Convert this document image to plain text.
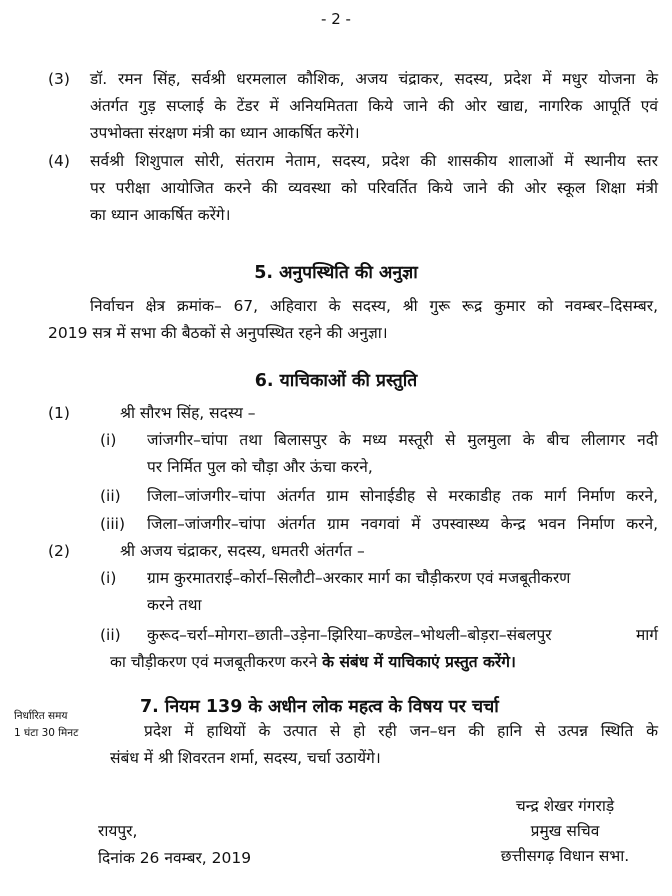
- 2 -
(3) डॉ. रमन सिंह, सर्वश्री धरमलाल कौशिक, अजय चंद्राकर, सदस्य, प्रदेश में मधुर योजना के
अंतर्गत गुड़ सप्लाई के टेंडर में अनियमितता किये जाने की ओर खाद्य, नागरिक आपूर्ति एवं
उपभोक्ता संरक्षण मंत्री का ध्यान आकर्षित करेंगे।
(4) सर्वश्री शिशुपाल सोरी, संतराम नेताम, सदस्य, प्रदेश की शासकीय शालाओं में स्थानीय स्तर
पर परीक्षा आयोजित करने की व्यवस्था को परिवर्तित किये जाने की ओर स्कूल शिक्षा मंत्री
का ध्यान आकर्षित करेंगे।
5. अनुपस्थिति की अनुज्ञा
निर्वाचन क्षेत्र क्रमांक– 67, अहिवारा के सदस्य, श्री गुरू रूद्र कुमार को नवम्बर–दिसम्बर,
2019 सत्र में सभा की बैठकों से अनुपस्थित रहने की अनुज्ञा।
6. याचिकाओं की प्रस्तुति
(1)	श्री सौरभ सिंह, सदस्य –
(i) जांजगीर–चांपा तथा बिलासपुर के मध्य मस्तूरी से मुलमुला के बीच लीलागर नदी
पर निर्मित पुल को चौड़ा और ऊंचा करने,
(ii) जिला–जांजगीर–चांपा अंतर्गत ग्राम सोनाईडीह से मरकाडीह तक मार्ग निर्माण करने,
(iii) जिला–जांजगीर–चांपा अंतर्गत ग्राम नवगवां में उपस्वास्थ्य केन्द्र भवन निर्माण करने,
(2)	श्री अजय चंद्राकर, सदस्य, धमतरी अंतर्गत –
(i) ग्राम कुरमातराई–कोर्रा–सिलौटी–अरकार मार्ग का चौड़ीकरण एवं मजबूतीकरण
करने तथा
(ii) कुरूद–चर्रा–मोगरा–छाती–उड़ेना–झिरिया–कण्डेल–भोथली–बोड़रा–संबलपुर मार्ग
का चौड़ीकरण एवं मजबूतीकरण करने के संबंध में याचिकाएं प्रस्तुत करेंगे।
7. नियम 139 के अधीन लोक महत्व के विषय पर चर्चा
निर्धारित समय
1 घंटा 30 मिनट	प्रदेश में हाथियों के उत्पात से हो रही जन–धन की हानि से उत्पन्न स्थिति के
संबंध में श्री शिवरतन शर्मा, सदस्य, चर्चा उठायेंगे।
चन्द्र शेखर गंगराड़े
प्रमुख सचिव
छत्तीसगढ़ विधान सभा.
रायपुर,
दिनांक 26 नवम्बर, 2019
